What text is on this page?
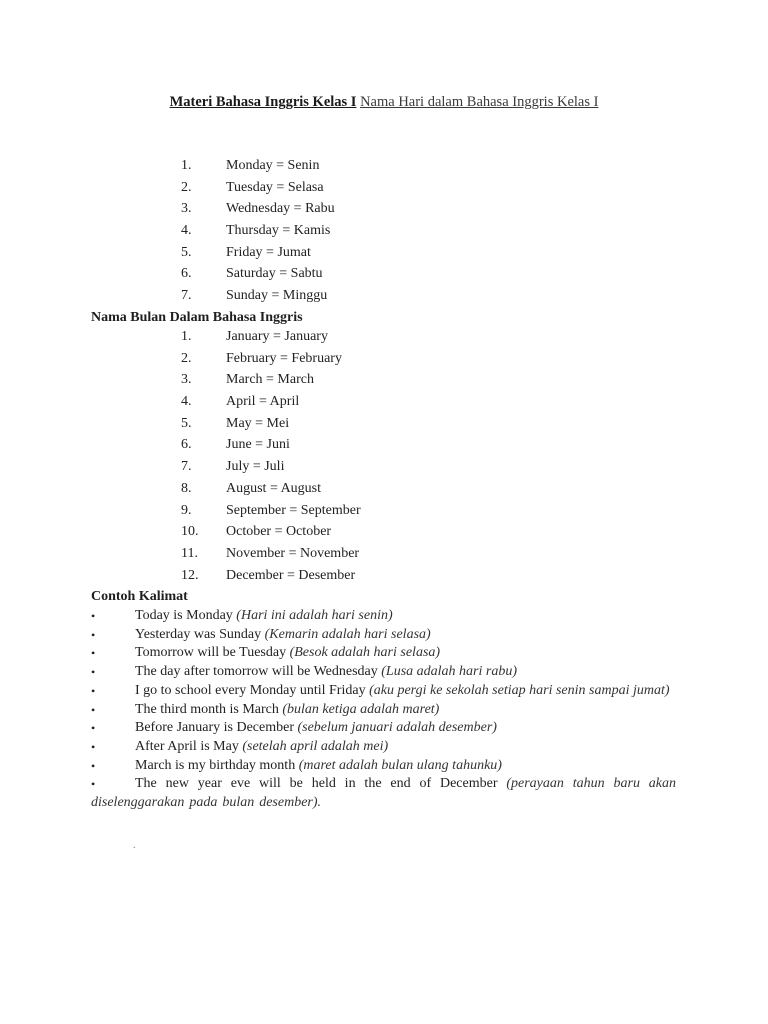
Materi Bahasa Inggris Kelas I Nama Hari dalam Bahasa Inggris Kelas I
1. Monday = Senin
2. Tuesday = Selasa
3. Wednesday = Rabu
4. Thursday = Kamis
5. Friday = Jumat
6. Saturday = Sabtu
7. Sunday = Minggu
Nama Bulan Dalam Bahasa Inggris
1. January = January
2. February = February
3. March = March
4. April = April
5. May = Mei
6. June = Juni
7. July = Juli
8. August = August
9. September = September
10. October = October
11. November = November
12. December = Desember
Contoh Kalimat
•	Today is Monday (Hari ini adalah hari senin)
•	Yesterday was Sunday (Kemarin adalah hari selasa)
•	Tomorrow will be Tuesday (Besok adalah hari selasa)
•	The day after tomorrow will be Wednesday (Lusa adalah hari rabu)
•	I go to school every Monday until Friday (aku pergi ke sekolah setiap hari senin sampai jumat)
•	The third month is March (bulan ketiga adalah maret)
•	Before January is December (sebelum januari adalah desember)
•	After April is May (setelah april adalah mei)
•	March is my birthday month (maret adalah bulan ulang tahunku)
•	The new year eve will be held in the end of December (perayaan tahun baru akan diselenggarakan pada bulan desember).
.
